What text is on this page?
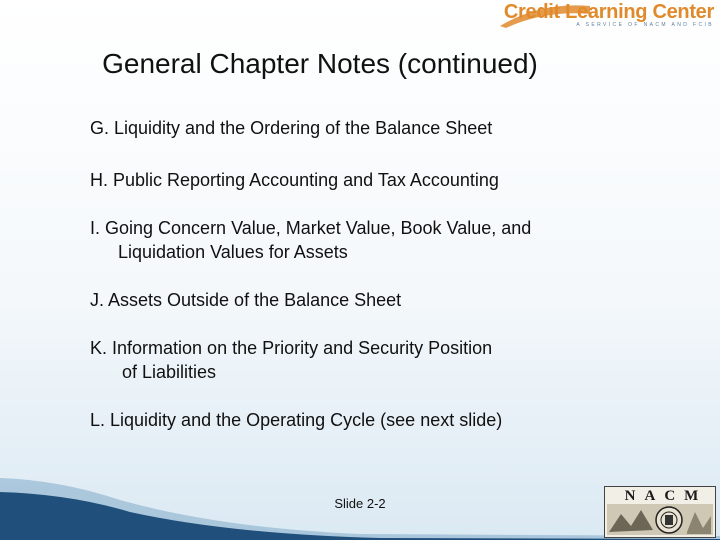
Credit Learning Center
A SERVICE OF NACM AND FCIB
General Chapter Notes (continued)
G. Liquidity and the Ordering of the Balance Sheet
H. Public Reporting Accounting and Tax Accounting
I. Going Concern Value, Market Value, Book Value, and
Liquidation Values for Assets
J. Assets Outside of the Balance Sheet
K. Information on the Priority and Security Position
of Liabilities
L. Liquidity and the Operating Cycle (see next slide)
Slide 2-2	NACM
